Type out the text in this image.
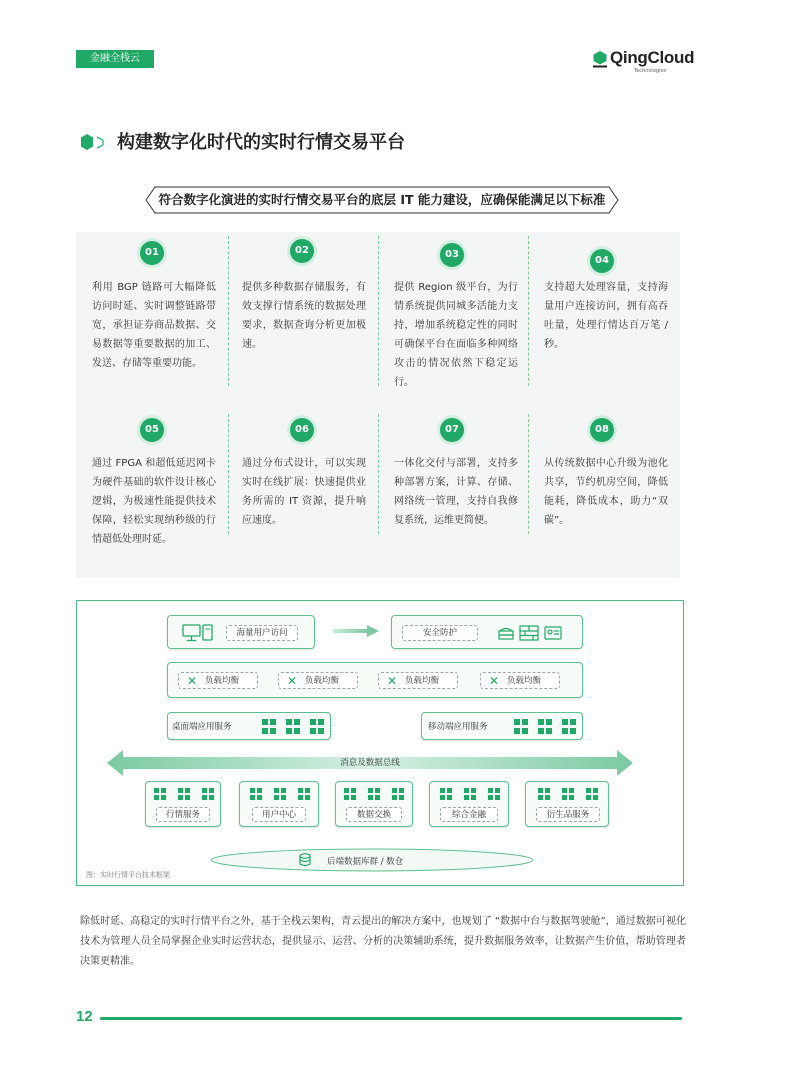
金融全栈云	QingCloud
Technologies
构建数字化时代的实时行情交易平台
符合数字化演进的实时行情交易平台的底层 IT 能力建设，应确保能满足以下标准
01
利用 BGP 链路可大幅降低访问时延、实时调整链路带宽，承担证券商品数据、交易数据等重要数据的加工、发送、存储等重要功能。
02
提供多种数据存储服务，有效支撑行情系统的数据处理要求，数据查询分析更加极速。
03
提供 Region 级平台，为行情系统提供同城多活能力支持，增加系统稳定性的同时可确保平台在面临多种网络攻击的情况依然下稳定运行。
04
支持超大处理容量，支持海量用户连接访问，拥有高吞吐量，处理行情达百万笔 / 秒。
05
通过 FPGA 和超低延迟网卡为硬件基础的软件设计核心逻辑，为极速性能提供技术保障，轻松实现纳秒级的行情超低处理时延。
06
通过分布式设计，可以实现实时在线扩展：快速提供业务所需的 IT 资源，提升响应速度。
07
一体化交付与部署，支持多种部署方案，计算、存储、网络统一管理，支持自我修复系统，运维更简便。
08
从传统数据中心升级为池化共享，节约机房空间，降低能耗，降低成本，助力“双碳”。
海量用户访问	安全防护
✕ 负载均衡	✕ 负载均衡	✕ 负载均衡	✕ 负载均衡
桌面端应用服务	移动端应用服务
消息及数据总线
行情服务	用户中心	数据交换	综合金融	衍生品服务
后端数据库群 / 数仓
图：实时行情平台技术框架
除低时延、高稳定的实时行情平台之外，基于全栈云架构，青云提出的解决方案中，也规划了 “数据中台与数据驾驶舱”，通过数据可视化技术为管理人员全局掌握企业实时运营状态，提供显示、运营、分析的决策辅助系统，提升数据服务效率，让数据产生价值，帮助管理者决策更精准。
12
